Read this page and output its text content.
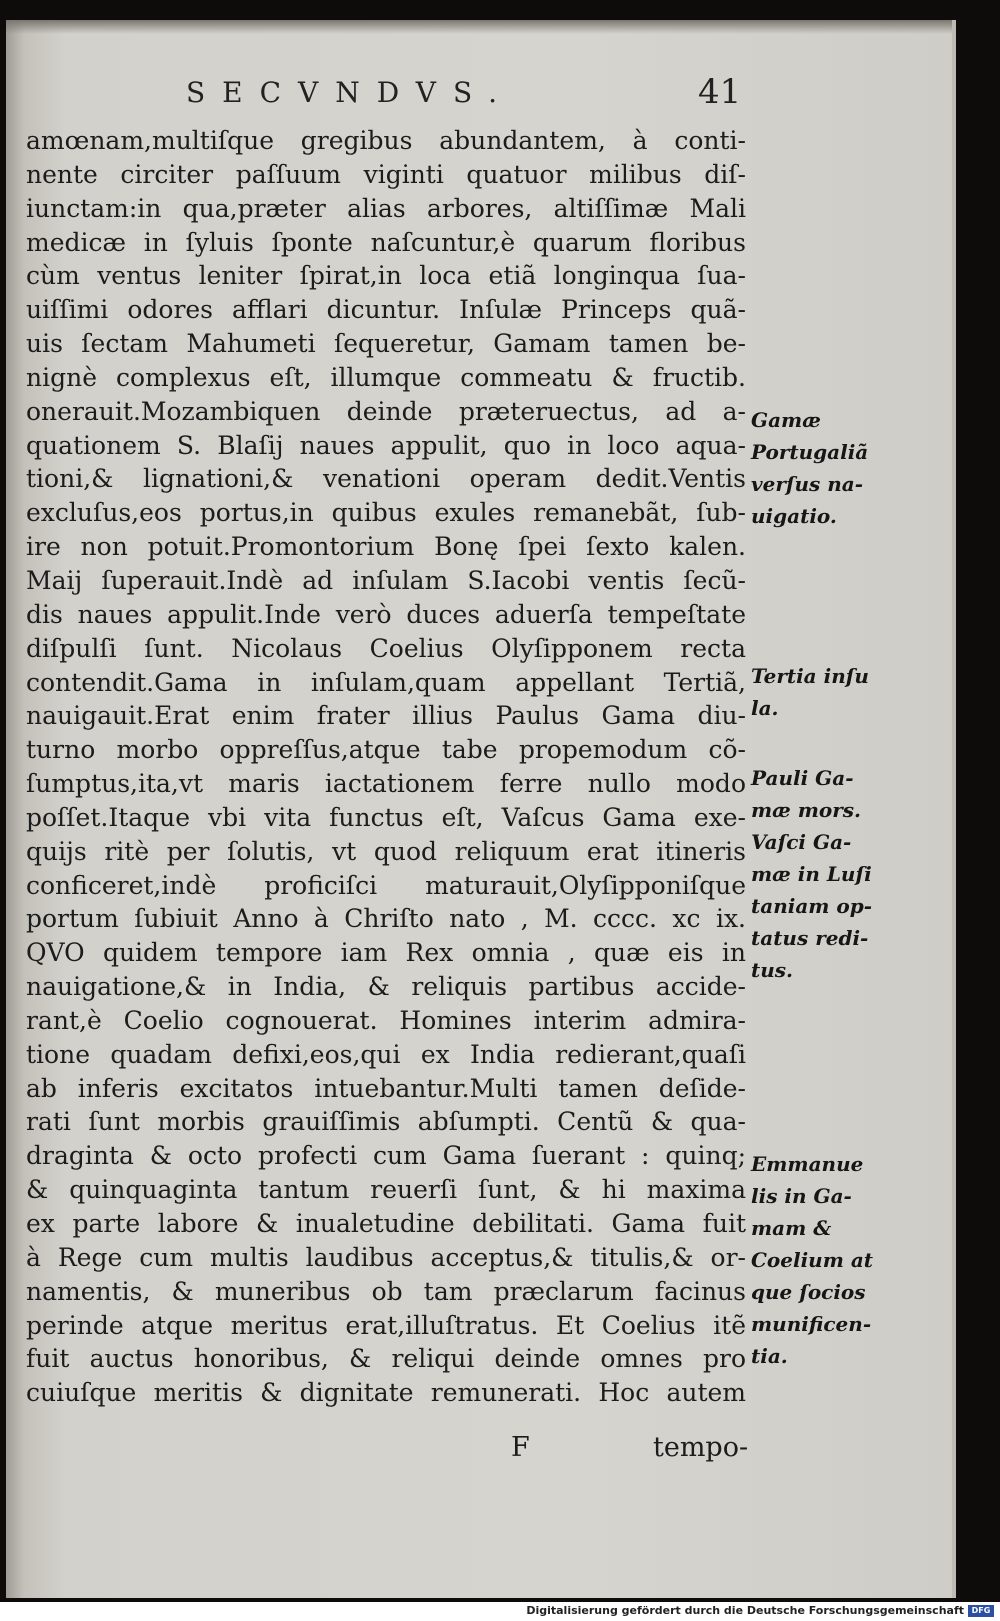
SECVNDVS.	41
amœnam,multiſque gregibus abundantem, à conti-
nente circiter paſſuum viginti quatuor milibus diſ-
iunctam:in qua,præter alias arbores, altiſſimæ Mali
medicæ in ſyluis ſponte naſcuntur,è quarum floribus
cùm ventus leniter ſpirat,in loca etiã longinqua ſua-
uiſſimi odores afflari dicuntur. Inſulæ Princeps quã-
uis ſectam Mahumeti ſequeretur, Gamam tamen be-
nignè complexus eſt, illumque commeatu & fructib.
onerauit.Mozambiquen deinde præteruectus, ad a-
quationem S. Blaſij naues appulit, quo in loco aqua-
tioni,& lignationi,& venationi operam dedit.Ventis
excluſus,eos portus,in quibus exules remanebãt, ſub-
ire non potuit.Promontorium Bonę ſpei ſexto kalen.
Maij ſuperauit.Indè ad inſulam S.Iacobi ventis ſecũ-
dis naues appulit.Inde verò duces aduerſa tempeſtate
diſpulſi ſunt. Nicolaus Coelius Olyſipponem recta
contendit.Gama in inſulam,quam appellant Tertiã,
nauigauit.Erat enim frater illius Paulus Gama diu-
turno morbo oppreſſus,atque tabe propemodum cõ-
ſumptus,ita,vt maris iactationem ferre nullo modo
poſſet.Itaque vbi vita functus eſt, Vaſcus Gama exe-
quijs ritè per ſolutis, vt quod reliquum erat itineris
conficeret,indè proficiſci maturauit,Olyſipponiſque
portum ſubiuit Anno à Chriſto nato , M. cccc. xc ix.
QVO quidem tempore iam Rex omnia , quæ eis in
nauigatione,& in India, & reliquis partibus accide-
rant,è Coelio cognouerat. Homines interim admira-
tione quadam defixi,eos,qui ex India redierant,quaſi
ab inferis excitatos intuebantur.Multi tamen deſide-
rati ſunt morbis grauiſſimis abſumpti. Centũ & qua-
draginta & octo profecti cum Gama ſuerant : quinq;
& quinquaginta tantum reuerſi ſunt, & hi maxima
ex parte labore & inualetudine debilitati. Gama fuit
à Rege cum multis laudibus acceptus,& titulis,& or-
namentis, & muneribus ob tam præclarum facinus
perinde atque meritus erat,illuſtratus. Et Coelius itẽ
fuit auctus honoribus, & reliqui deinde omnes pro
cuiuſque meritis & dignitate remunerati. Hoc autem
Gamæ
Portugaliã
verſus na-
uigatio.
Tertia inſu
la.
Pauli Ga-
mæ mors.
Vaſci Ga-
mæ in Luſi
taniam op-
tatus redi-
tus.
Emmanue
lis in Ga-
mam &
Coelium at
que ſocios
munificen-
tia.
F	tempo-
Digitalisierung gefördert durch die Deutsche Forschungsgemeinschaft DFG
